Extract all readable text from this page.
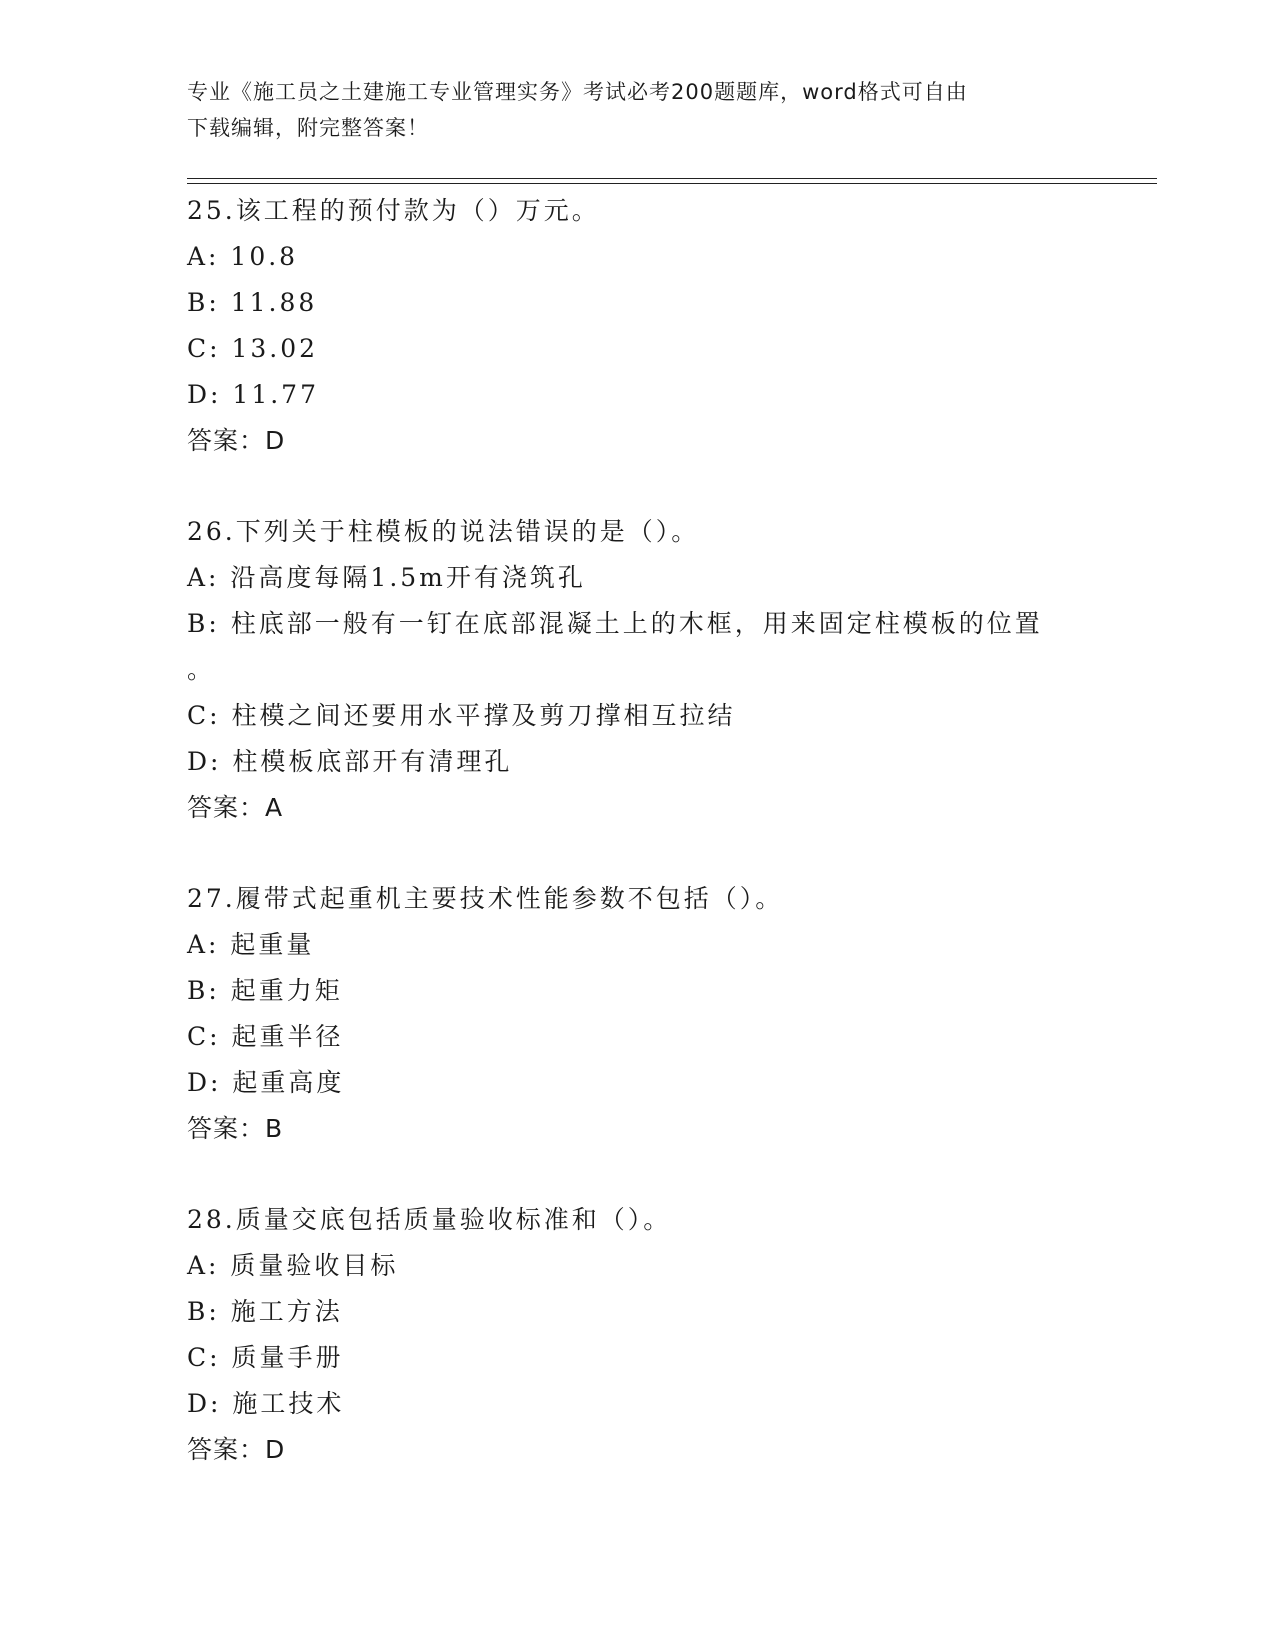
专业《施工员之土建施工专业管理实务》考试必考200题题库，word格式可自由
下载编辑，附完整答案！
25.该工程的预付款为（）万元。
A: 10.8
B: 11.88
C: 13.02
D: 11.77
答案：D
26.下列关于柱模板的说法错误的是（）。
A: 沿高度每隔1.5m开有浇筑孔
B: 柱底部一般有一钉在底部混凝土上的木框，用来固定柱模板的位置
。
C: 柱模之间还要用水平撑及剪刀撑相互拉结
D: 柱模板底部开有清理孔
答案：A
27.履带式起重机主要技术性能参数不包括（）。
A: 起重量
B: 起重力矩
C: 起重半径
D: 起重高度
答案：B
28.质量交底包括质量验收标准和（）。
A: 质量验收目标
B: 施工方法
C: 质量手册
D: 施工技术
答案：D
